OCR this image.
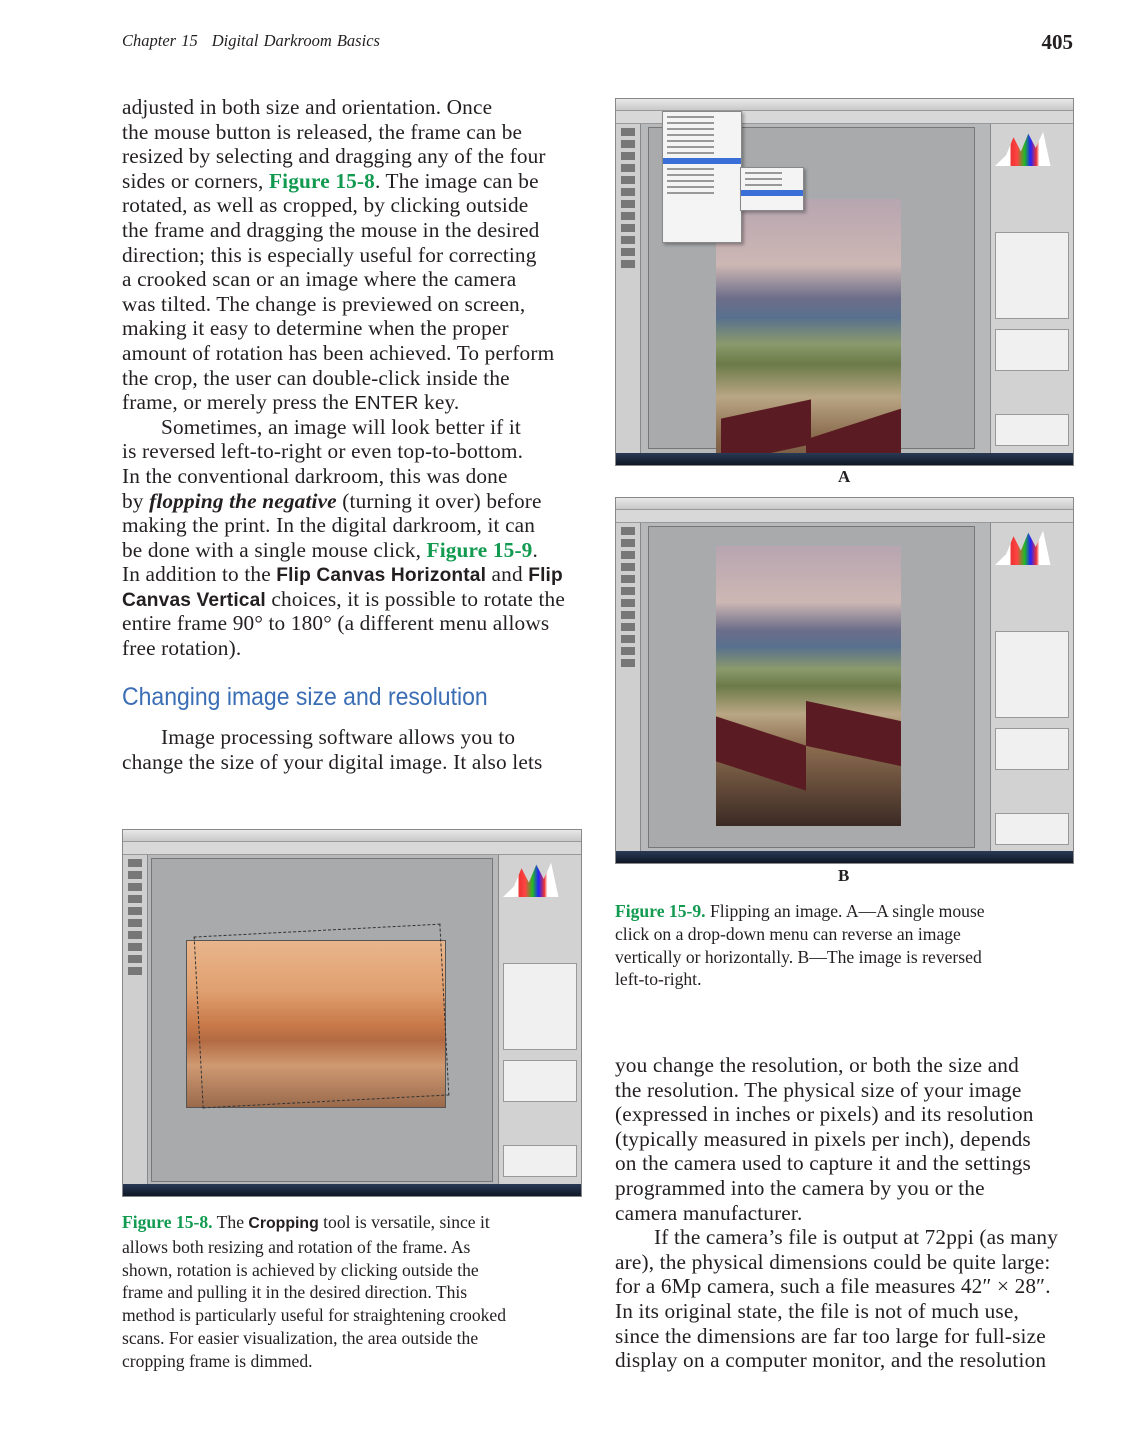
Chapter 15 Digital Darkroom Basics	405
adjusted in both size and orientation. Once
the mouse button is released, the frame can be
resized by selecting and dragging any of the four
sides or corners, Figure 15-8. The image can be
rotated, as well as cropped, by clicking outside
the frame and dragging the mouse in the desired
direction; this is especially useful for correcting
a crooked scan or an image where the camera
was tilted. The change is previewed on screen,
making it easy to determine when the proper
amount of rotation has been achieved. To perform
the crop, the user can double-click inside the
frame, or merely press the ENTER key.
Sometimes, an image will look better if it
is reversed left-to-right or even top-to-bottom.
In the conventional darkroom, this was done
by flopping the negative (turning it over) before
making the print. In the digital darkroom, it can
be done with a single mouse click, Figure 15-9.
In addition to the Flip Canvas Horizontal and Flip
Canvas Vertical choices, it is possible to rotate the
entire frame 90° to 180° (a different menu allows
free rotation).
Changing image size and resolution
Image processing software allows you to
change the size of your digital image. It also lets
you change the resolution, or both the size and
the resolution. The physical size of your image
(expressed in inches or pixels) and its resolution
(typically measured in pixels per inch), depends
on the camera used to capture it and the settings
programmed into the camera by you or the
camera manufacturer.
If the camera’s file is output at 72ppi (as many
are), the physical dimensions could be quite large:
for a 6Mp camera, such a file measures 42″ × 28″.
In its original state, the file is not of much use,
since the dimensions are far too large for full-size
display on a computer monitor, and the resolution
A
B
Figure 15-9. Flipping an image. A—A single mouse
click on a drop-down menu can reverse an image
vertically or horizontally. B—The image is reversed
left-to-right.
Figure 15-8. The Cropping tool is versatile, since it
allows both resizing and rotation of the frame. As
shown, rotation is achieved by clicking outside the
frame and pulling it in the desired direction. This
method is particularly useful for straightening crooked
scans. For easier visualization, the area outside the
cropping frame is dimmed.
